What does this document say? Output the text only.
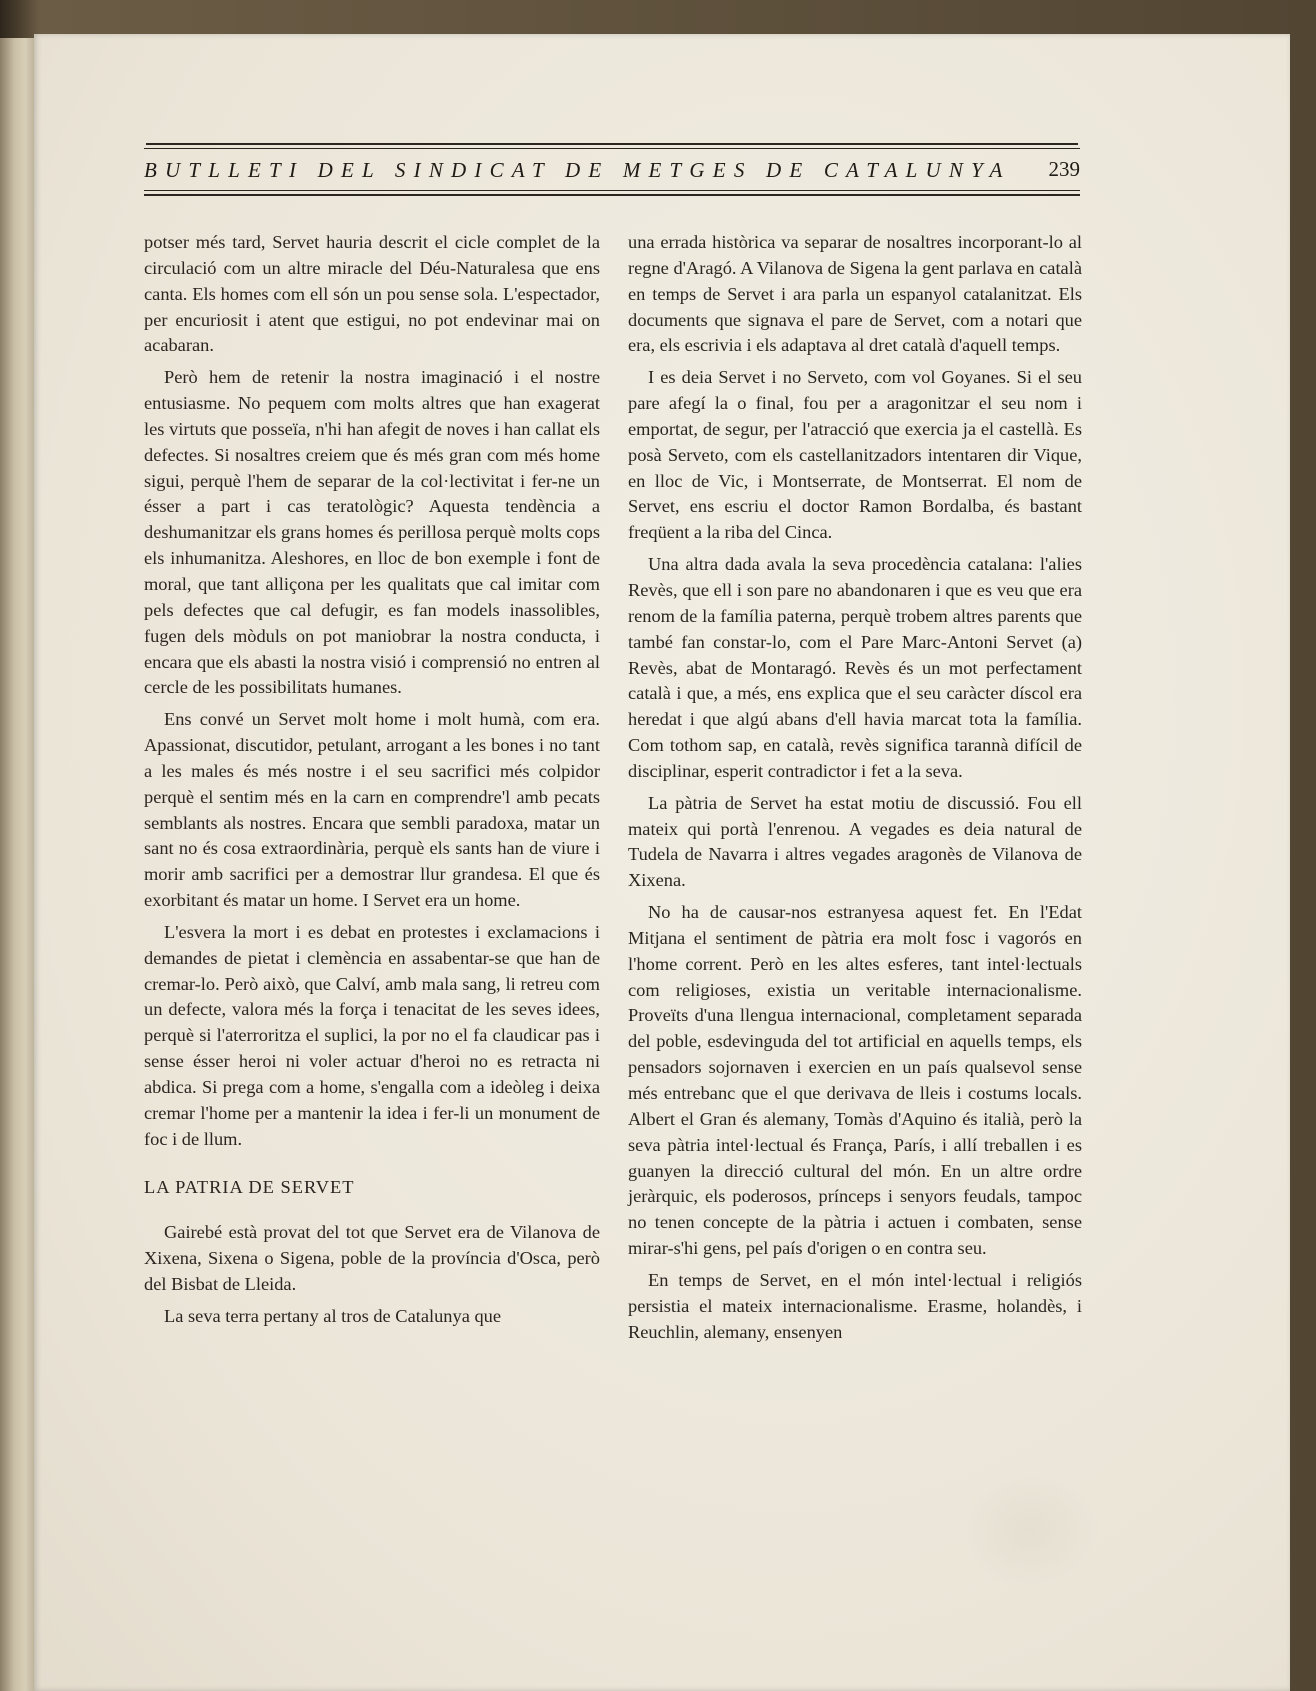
BUTLLETI DEL SINDICAT DE METGES DE CATALUNYA	239

potser més tard, Servet hauria descrit el cicle complet de la circulació com un altre miracle del Déu-Naturalesa que ens canta. Els homes com ell són un pou sense sola. L'espectador, per encuriosit i atent que estigui, no pot endevinar mai on acabaran.

Però hem de retenir la nostra imaginació i el nostre entusiasme. No pequem com molts altres que han exagerat les virtuts que posseïa, n'hi han afegit de noves i han callat els defectes. Si nosaltres creiem que és més gran com més home sigui, perquè l'hem de separar de la col·lectivitat i fer-ne un ésser a part i cas teratològic? Aquesta tendència a deshumanitzar els grans homes és perillosa perquè molts cops els inhumanitza. Aleshores, en lloc de bon exemple i font de moral, que tant alliçona per les qualitats que cal imitar com pels defectes que cal defugir, es fan models inassolibles, fugen dels mòduls on pot maniobrar la nostra conducta, i encara que els abasti la nostra visió i comprensió no entren al cercle de les possibilitats humanes.

Ens convé un Servet molt home i molt humà, com era. Apassionat, discutidor, petulant, arrogant a les bones i no tant a les males és més nostre i el seu sacrifici més colpidor perquè el sentim més en la carn en comprendre'l amb pecats semblants als nostres. Encara que sembli paradoxa, matar un sant no és cosa extraordinària, perquè els sants han de viure i morir amb sacrifici per a demostrar llur grandesa. El que és exorbitant és matar un home. I Servet era un home.

L'esvera la mort i es debat en protestes i exclamacions i demandes de pietat i clemència en assabentar-se que han de cremar-lo. Però això, que Calví, amb mala sang, li retreu com un defecte, valora més la força i tenacitat de les seves idees, perquè si l'aterroritza el suplici, la por no el fa claudicar pas i sense ésser heroi ni voler actuar d'heroi no es retracta ni abdica. Si prega com a home, s'engalla com a ideòleg i deixa cremar l'home per a mantenir la idea i fer-li un monument de foc i de llum.

LA PATRIA DE SERVET

Gairebé està provat del tot que Servet era de Vilanova de Xixena, Sixena o Sigena, poble de la província d'Osca, però del Bisbat de Lleida.

La seva terra pertany al tros de Catalunya que

una errada històrica va separar de nosaltres incorporant-lo al regne d'Aragó. A Vilanova de Sigena la gent parlava en català en temps de Servet i ara parla un espanyol catalanitzat. Els documents que signava el pare de Servet, com a notari que era, els escrivia i els adaptava al dret català d'aquell temps.

I es deia Servet i no Serveto, com vol Goyanes. Si el seu pare afegí la o final, fou per a aragonitzar el seu nom i emportat, de segur, per l'atracció que exercia ja el castellà. Es posà Serveto, com els castellanitzadors intentaren dir Vique, en lloc de Vic, i Montserrate, de Montserrat. El nom de Servet, ens escriu el doctor Ramon Bordalba, és bastant freqüent a la riba del Cinca.

Una altra dada avala la seva procedència catalana: l'alies Revès, que ell i son pare no abandonaren i que es veu que era renom de la família paterna, perquè trobem altres parents que també fan constar-lo, com el Pare Marc-Antoni Servet (a) Revès, abat de Montaragó. Revès és un mot perfectament català i que, a més, ens explica que el seu caràcter díscol era heredat i que algú abans d'ell havia marcat tota la família. Com tothom sap, en català, revès significa tarannà difícil de disciplinar, esperit contradictor i fet a la seva.

La pàtria de Servet ha estat motiu de discussió. Fou ell mateix qui portà l'enrenou. A vegades es deia natural de Tudela de Navarra i altres vegades aragonès de Vilanova de Xixena.

No ha de causar-nos estranyesa aquest fet. En l'Edat Mitjana el sentiment de pàtria era molt fosc i vagorós en l'home corrent. Però en les altes esferes, tant intel·lectuals com religioses, existia un veritable internacionalisme. Proveïts d'una llengua internacional, completament separada del poble, esdevinguda del tot artificial en aquells temps, els pensadors sojornaven i exercien en un país qualsevol sense més entrebanc que el que derivava de lleis i costums locals. Albert el Gran és alemany, Tomàs d'Aquino és italià, però la seva pàtria intel·lectual és França, París, i allí treballen i es guanyen la direcció cultural del món. En un altre ordre jeràrquic, els poderosos, prínceps i senyors feudals, tampoc no tenen concepte de la pàtria i actuen i combaten, sense mirar-s'hi gens, pel país d'origen o en contra seu.

En temps de Servet, en el món intel·lectual i religiós persistia el mateix internacionalisme. Erasme, holandès, i Reuchlin, alemany, ensenyen
